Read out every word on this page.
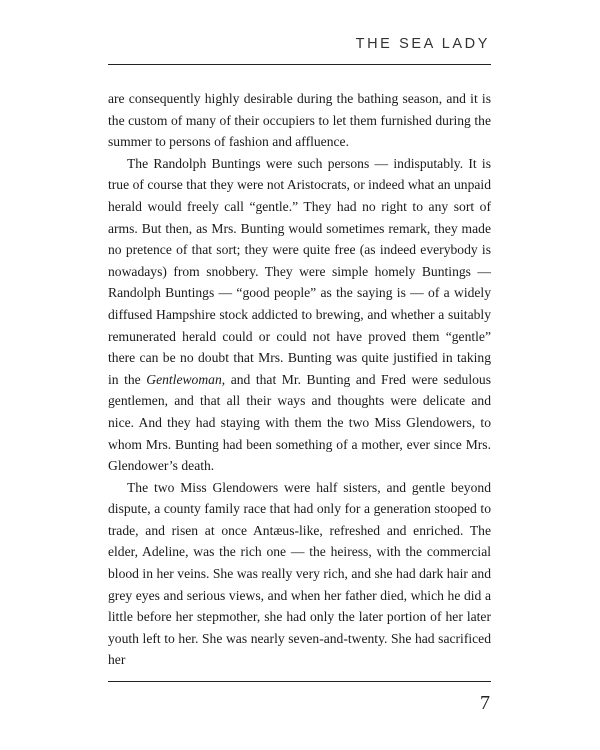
THE SEA LADY

are consequently highly desirable during the bathing season, and it is the custom of many of their occupiers to let them furnished during the summer to persons of fashion and affluence.

The Randolph Buntings were such persons — indisputably. It is true of course that they were not Aristocrats, or indeed what an unpaid herald would freely call “gentle.” They had no right to any sort of arms. But then, as Mrs. Bunting would sometimes remark, they made no pretence of that sort; they were quite free (as indeed everybody is nowadays) from snobbery. They were simple homely Buntings — Randolph Buntings — “good people” as the saying is — of a widely diffused Hampshire stock addicted to brewing, and whether a suitably remunerated herald could or could not have proved them “gentle” there can be no doubt that Mrs. Bunting was quite justified in taking in the Gentlewoman, and that Mr. Bunting and Fred were sedulous gentlemen, and that all their ways and thoughts were delicate and nice. And they had staying with them the two Miss Glendowers, to whom Mrs. Bunting had been something of a mother, ever since Mrs. Glendower’s death.

The two Miss Glendowers were half sisters, and gentle beyond dispute, a county family race that had only for a generation stooped to trade, and risen at once Antæus-like, refreshed and enriched. The elder, Adeline, was the rich one — the heiress, with the commercial blood in her veins. She was really very rich, and she had dark hair and grey eyes and serious views, and when her father died, which he did a little before her stepmother, she had only the later portion of her later youth left to her. She was nearly seven-and-twenty. She had sacrificed her

7
